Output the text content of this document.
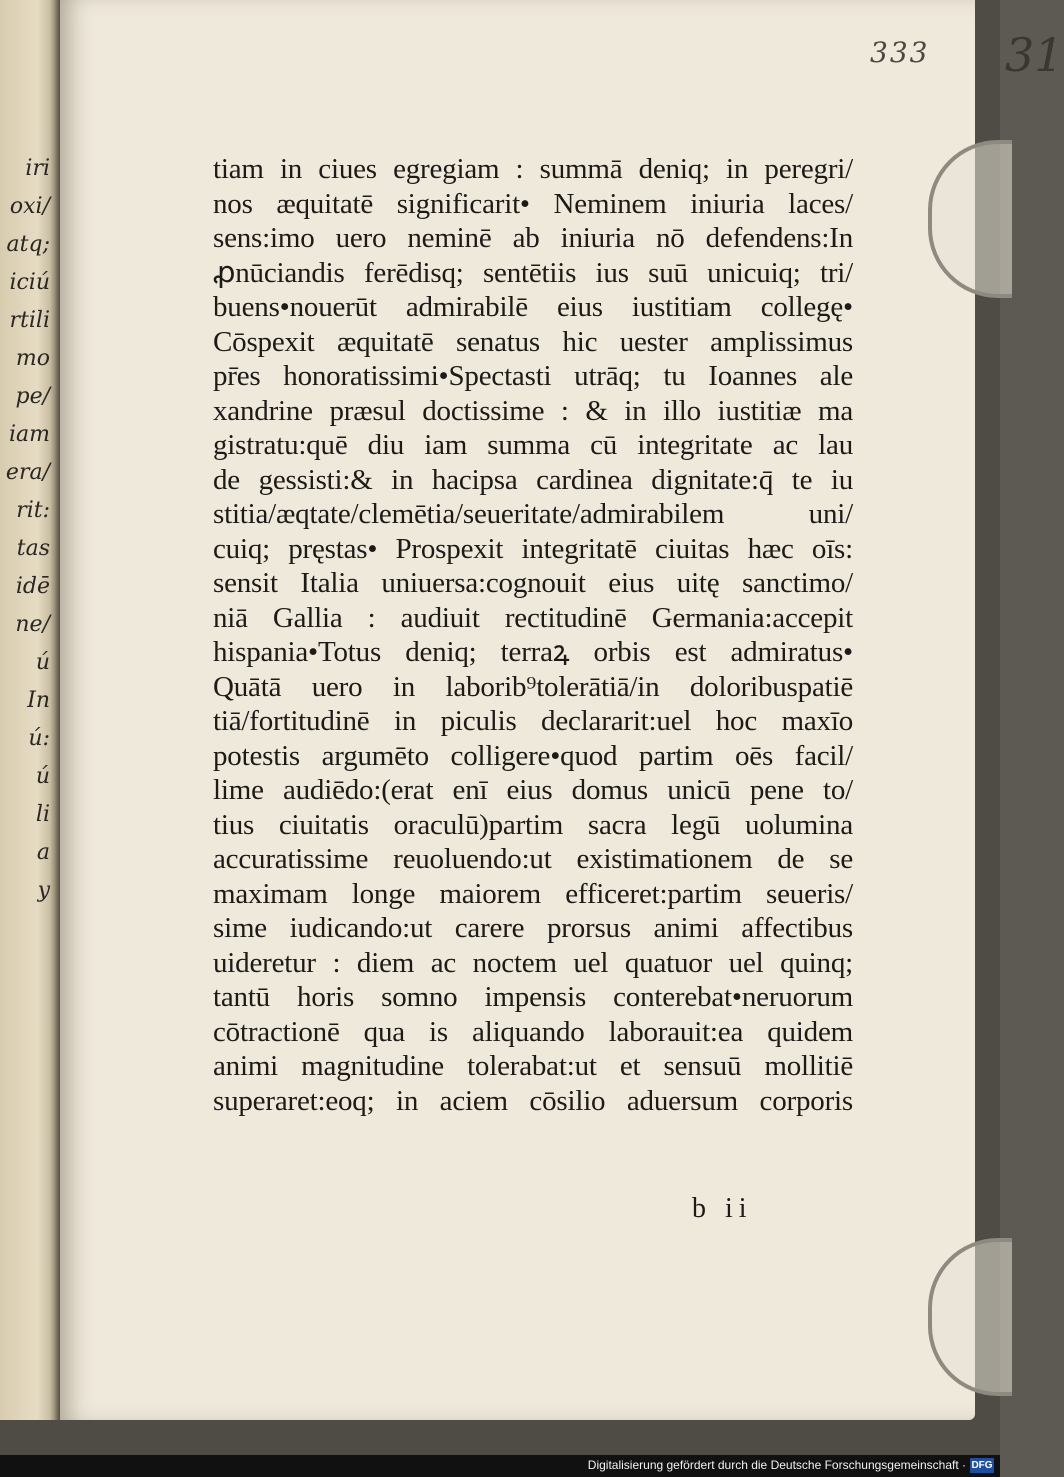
iri
oxi/
atq;
iciú
rtili
mo
pe/
iam
era/
rit:
tas
idē
ne/
ú
In
ú:
ú
li
a
y
333 31
tiam in ciues egregiam : summā deniq; in peregri/
nos æquitatē significarit• Neminem iniuria laces/
sens:imo uero neminē ab iniuria nō defendens:In
ꝓnūciandis ferēdisq; sentētiis ius suū unicuiq; tri/
buens•nouerūt admirabilē eius iustitiam collegę•
Cōspexit æquitatē senatus hic uester amplissimus
pr̄es honoratissimi•Spectasti utrāq; tu Ioannes ale
xandrine præsul doctissime : & in illo iustitiæ ma
gistratu:quē diu iam summa cū integritate ac lau
de gessisti:& in hacipsa cardinea dignitate:q̄ te iu
stitia/æqtate/clemētia/seueritate/admirabilem uni/
cuiq; pręstas• Prospexit integritatē ciuitas hæc oīs:
sensit Italia uniuersa:cognouit eius uitę sanctimo/
niā Gallia : audiuit rectitudinē Germania:accepit
hispania•Totus deniq; terraꝝ orbis est admiratus•
Quātā uero in laborib⁹tolerātiā/in doloribuspatiē
tiā/fortitudinē in piculis declararit:uel hoc maxīo
potestis argumēto colligere•quod partim oēs facil/
lime audiēdo:(erat enī eius domus unicū pene to/
tius ciuitatis oraculū)partim sacra legū uolumina
accuratissime reuoluendo:ut existimationem de se
maximam longe maiorem efficeret:partim seueris/
sime iudicando:ut carere prorsus animi affectibus
uideretur : diem ac noctem uel quatuor uel quinq;
tantū horis somno impensis conterebat•neruorum
cōtractionē qua is aliquando laborauit:ea quidem
animi magnitudine tolerabat:ut et sensuū mollitiē
superaret:eoq; in aciem cōsilio aduersum corporis
b ii
Digitalisierung gefördert durch die Deutsche Forschungsgemeinschaft · DFG
